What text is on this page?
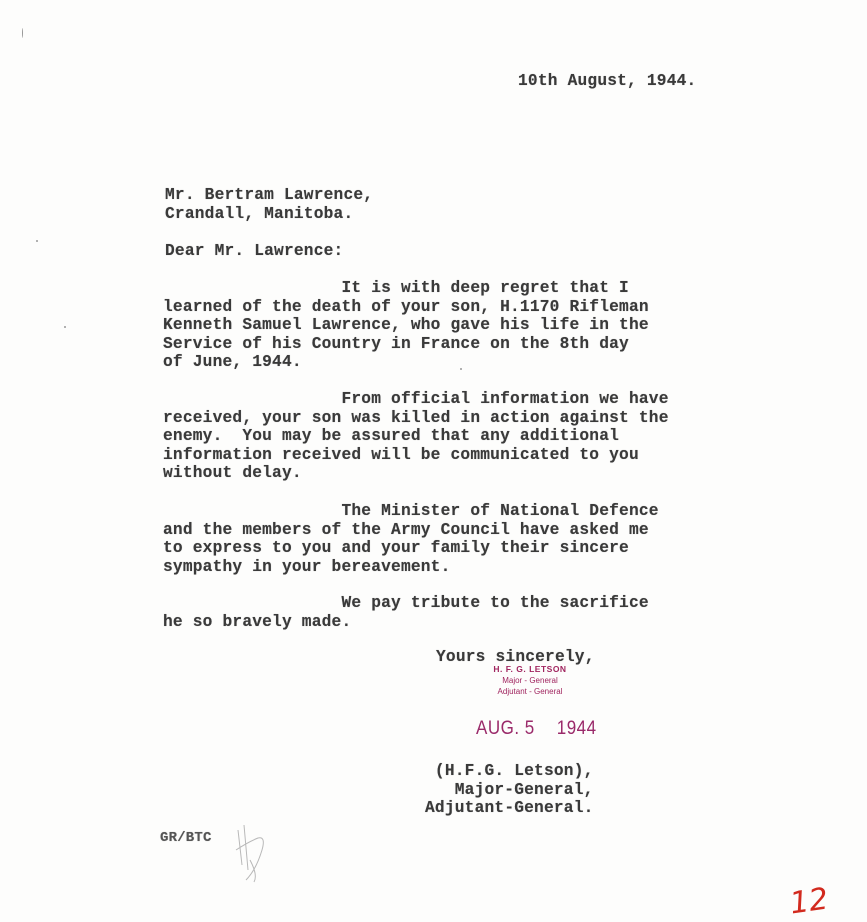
10th August, 1944.
Mr. Bertram Lawrence,
Crandall, Manitoba.
Dear Mr. Lawrence:
It is with deep regret that I
learned of the death of your son, H.1170 Rifleman
Kenneth Samuel Lawrence, who gave his life in the
Service of his Country in France on the 8th day
of June, 1944.
From official information we have
received, your son was killed in action against the
enemy.  You may be assured that any additional
information received will be communicated to you
without delay.
The Minister of National Defence
and the members of the Army Council have asked me
to express to you and your family their sincere
sympathy in your bereavement.
We pay tribute to the sacrifice
he so bravely made.
Yours sincerely,
H. F. G. LETSON
Major - General
Adjutant - General
AUG. 5 1944
(H.F.G. Letson),
Major-General,
Adjutant-General.
GR/BTC
12
